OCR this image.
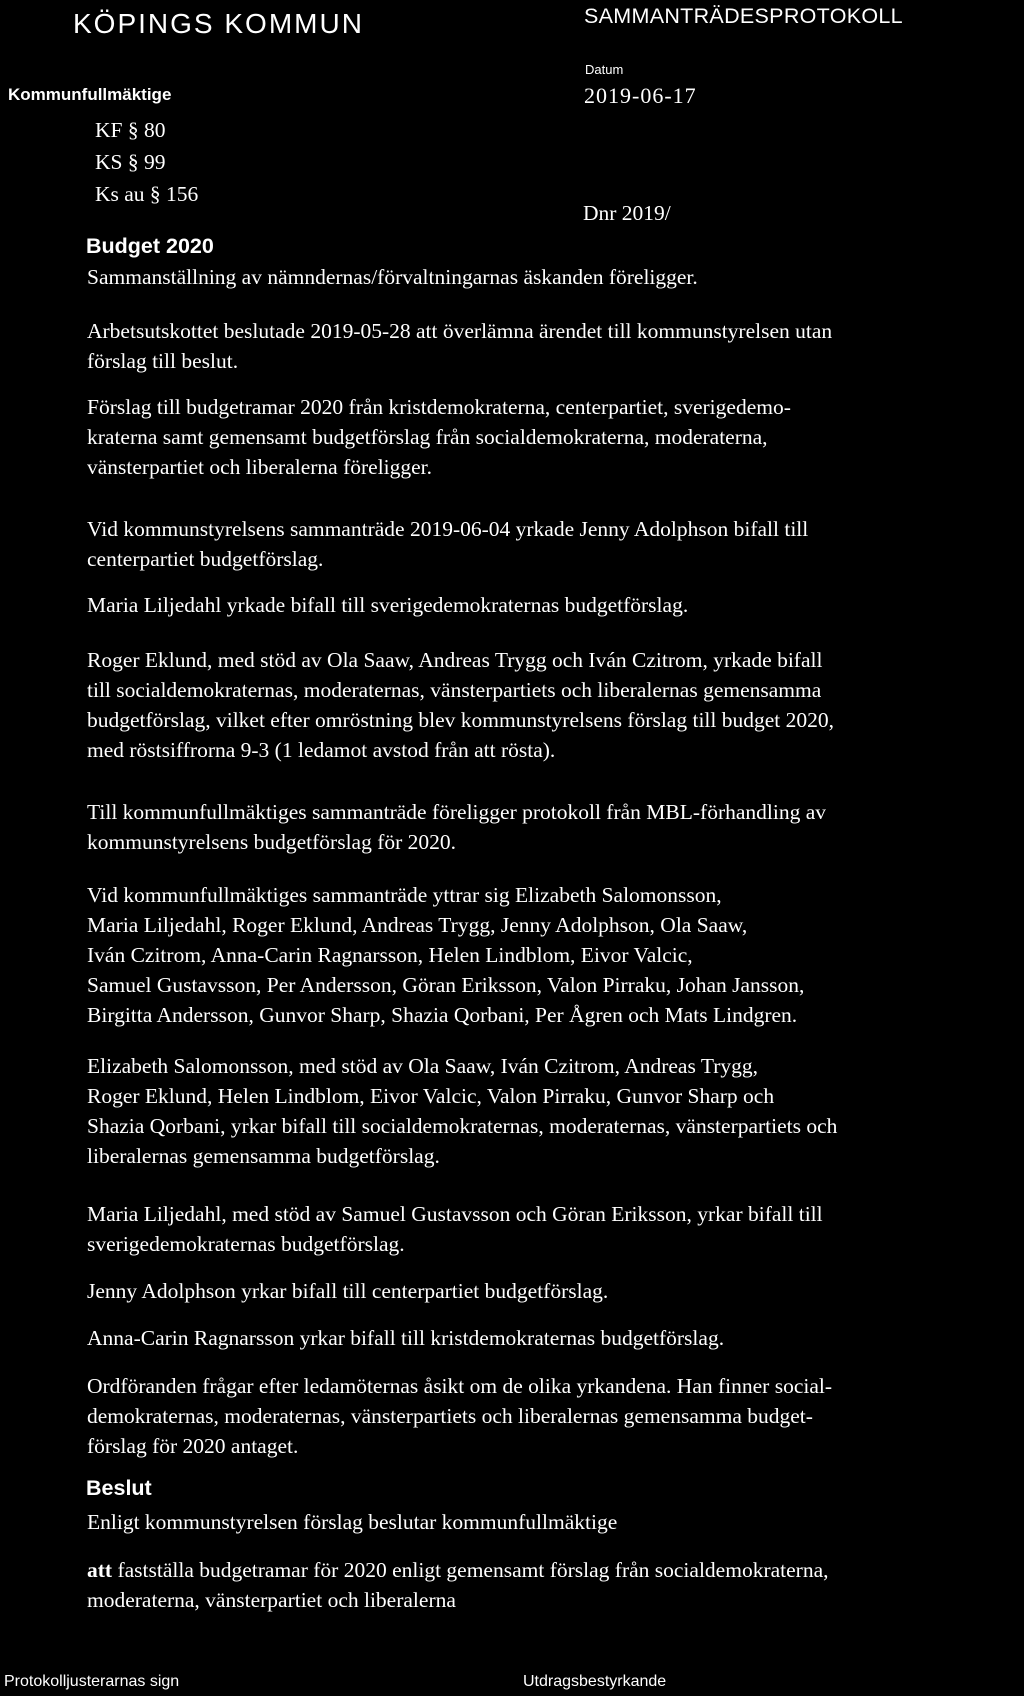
KÖPINGS KOMMUN	SAMMANTRÄDESPROTOKOLL
Datum
2019-06-17
Kommunfullmäktige
KF § 80
KS § 99
Ks au § 156
Dnr 2019/
Budget 2020

Sammanställning av nämndernas/förvaltningarnas äskanden föreligger.

Arbetsutskottet beslutade 2019-05-28 att överlämna ärendet till kommunstyrelsen utan

förslag till beslut.

Förslag till budgetramar 2020 från kristdemokraterna, centerpartiet, sverigedemo-

kraterna samt gemensamt budgetförslag från socialdemokraterna, moderaterna,

vänsterpartiet och liberalerna föreligger.

Vid kommunstyrelsens sammanträde 2019-06-04 yrkade Jenny Adolphson bifall till

centerpartiet budgetförslag.

Maria Liljedahl yrkade bifall till sverigedemokraternas budgetförslag.

Roger Eklund, med stöd av Ola Saaw, Andreas Trygg och Iván Czitrom, yrkade bifall

till socialdemokraternas, moderaternas, vänsterpartiets och liberalernas gemensamma

budgetförslag, vilket efter omröstning blev kommunstyrelsens förslag till budget 2020,

med röstsiffrorna 9-3 (1 ledamot avstod från att rösta).

Till kommunfullmäktiges sammanträde föreligger protokoll från MBL-förhandling av

kommunstyrelsens budgetförslag för 2020.

Vid kommunfullmäktiges sammanträde yttrar sig Elizabeth Salomonsson,

Maria Liljedahl, Roger Eklund, Andreas Trygg, Jenny Adolphson, Ola Saaw,

Iván Czitrom, Anna-Carin Ragnarsson, Helen Lindblom, Eivor Valcic,

Samuel Gustavsson, Per Andersson, Göran Eriksson, Valon Pirraku, Johan Jansson,

Birgitta Andersson, Gunvor Sharp, Shazia Qorbani, Per Ågren och Mats Lindgren.

Elizabeth Salomonsson, med stöd av Ola Saaw, Iván Czitrom, Andreas Trygg,

Roger Eklund, Helen Lindblom, Eivor Valcic, Valon Pirraku, Gunvor Sharp och

Shazia Qorbani, yrkar bifall till socialdemokraternas, moderaternas, vänsterpartiets och

liberalernas gemensamma budgetförslag.

Maria Liljedahl, med stöd av Samuel Gustavsson och Göran Eriksson, yrkar bifall till

sverigedemokraternas budgetförslag.

Jenny Adolphson yrkar bifall till centerpartiet budgetförslag.

Anna-Carin Ragnarsson yrkar bifall till kristdemokraternas budgetförslag.

Ordföranden frågar efter ledamöternas åsikt om de olika yrkandena. Han finner social-

demokraternas, moderaternas, vänsterpartiets och liberalernas gemensamma budget-

förslag för 2020 antaget.

Beslut

Enligt kommunstyrelsen förslag beslutar kommunfullmäktige

att fastställa budgetramar för 2020 enligt gemensamt förslag från socialdemokraterna,

moderaterna, vänsterpartiet och liberalerna

Protokolljusterarnas sign	Utdragsbestyrkande
